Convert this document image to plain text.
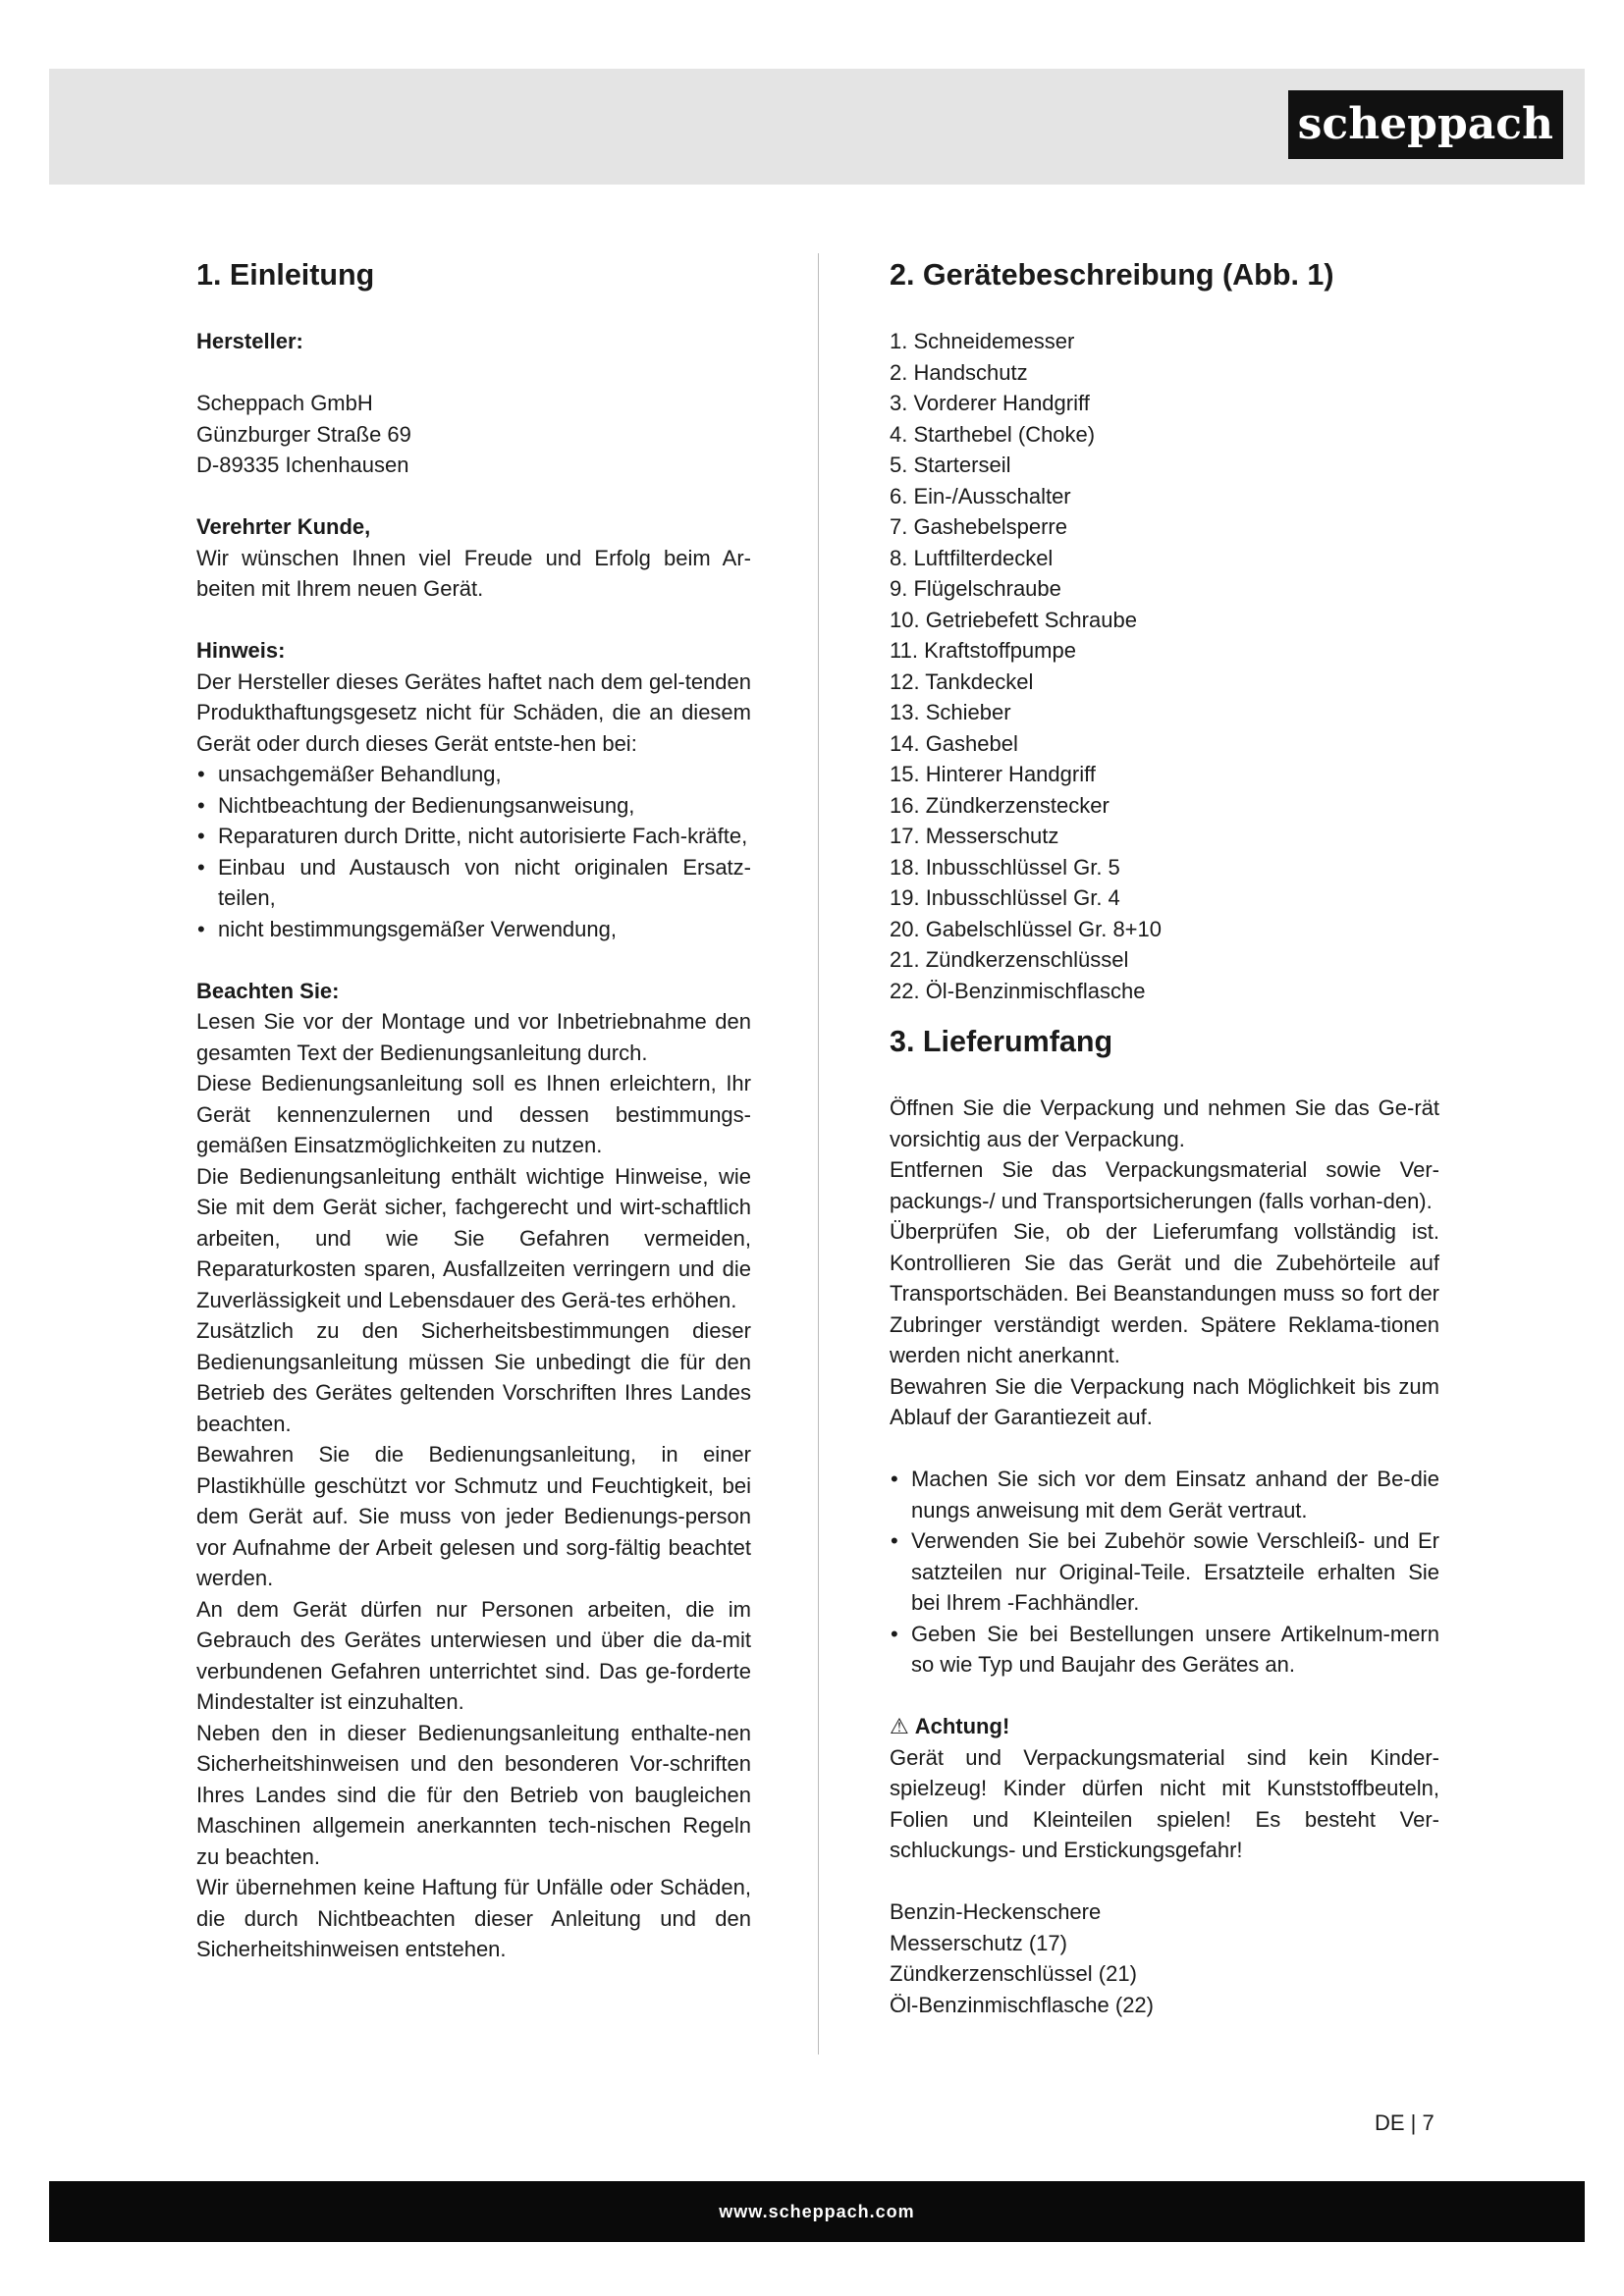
scheppach
1. Einleitung

Hersteller:

Scheppach GmbH

Günzburger Straße 69

D-89335 Ichenhausen

Verehrter Kunde,

Wir wünschen Ihnen viel Freude und Erfolg beim Ar-beiten mit Ihrem neuen Gerät.

Hinweis:

Der Hersteller dieses Gerätes haftet nach dem gel-tenden Produkthaftungsgesetz nicht für Schäden, die an diesem Gerät oder durch dieses Gerät entste-hen bei:

• unsachgemäßer Behandlung,
• Nichtbeachtung der Bedienungsanweisung,
• Reparaturen durch Dritte, nicht autorisierte Fach-kräfte,
• Einbau und Austausch von nicht originalen Ersatz-teilen,
• nicht bestimmungsgemäßer Verwendung,

Beachten Sie:

Lesen Sie vor der Montage und vor Inbetriebnahme den gesamten Text der Bedienungsanleitung durch.

Diese Bedienungsanleitung soll es Ihnen erleichtern, Ihr Gerät kennenzulernen und dessen bestimmungs-gemäßen Einsatzmöglichkeiten zu nutzen.

Die Bedienungsanleitung enthält wichtige Hinweise, wie Sie mit dem Gerät sicher, fachgerecht und wirt-schaftlich arbeiten, und wie Sie Gefahren vermeiden, Reparaturkosten sparen, Ausfallzeiten verringern und die Zuverlässigkeit und Lebensdauer des Gerä-tes erhöhen.

Zusätzlich zu den Sicherheitsbestimmungen dieser Bedienungsanleitung müssen Sie unbedingt die für den Betrieb des Gerätes geltenden Vorschriften Ihres Landes beachten.

Bewahren Sie die Bedienungsanleitung, in einer Plastikhülle geschützt vor Schmutz und Feuchtigkeit, bei dem Gerät auf. Sie muss von jeder Bedienungs-person vor Aufnahme der Arbeit gelesen und sorg-fältig beachtet werden.

An dem Gerät dürfen nur Personen arbeiten, die im Gebrauch des Gerätes unterwiesen und über die da-mit verbundenen Gefahren unterrichtet sind. Das ge-forderte Mindestalter ist einzuhalten.

Neben den in dieser Bedienungsanleitung enthalte-nen Sicherheitshinweisen und den besonderen Vor-schriften Ihres Landes sind die für den Betrieb von baugleichen Maschinen allgemein anerkannten tech-nischen Regeln zu beachten.

Wir übernehmen keine Haftung für Unfälle oder Schäden, die durch Nichtbeachten dieser Anleitung und den Sicherheitshinweisen entstehen.

2. Gerätebeschreibung (Abb. 1)
1. Schneidemesser
2. Handschutz
3. Vorderer Handgriff
4. Starthebel (Choke)
5. Starterseil
6. Ein-/Ausschalter
7. Gashebelsperre
8. Luftfilterdeckel
9. Flügelschraube
10. Getriebefett Schraube
11. Kraftstoffpumpe
12. Tankdeckel
13. Schieber
14. Gashebel
15. Hinterer Handgriff
16. Zündkerzenstecker
17. Messerschutz
18. Inbusschlüssel Gr. 5
19. Inbusschlüssel Gr. 4
20. Gabelschlüssel Gr. 8+10
21. Zündkerzenschlüssel
22. Öl-Benzinmischflasche
3. Lieferumfang

Öffnen Sie die Verpackung und nehmen Sie das Ge-rät vorsichtig aus der Verpackung.

Entfernen Sie das Verpackungsmaterial sowie Ver-packungs-/ und Transportsicherungen (falls vorhan-den).

Überprüfen Sie, ob der Lieferumfang vollständig ist. Kontrollieren Sie das Gerät und die Zubehörteile auf Transportschäden. Bei Beanstandungen muss so fort der Zubringer verständigt werden. Spätere Reklama-tionen werden nicht anerkannt.

Bewahren Sie die Verpackung nach Möglichkeit bis zum Ablauf der Garantiezeit auf.

• Machen Sie sich vor dem Einsatz anhand der Be-die nungs anweisung mit dem Gerät vertraut.
• Verwenden Sie bei Zubehör sowie Verschleiß- und Er satzteilen nur Original-Teile. Ersatzteile erhalten Sie bei Ihrem -Fachhändler.
• Geben Sie bei Bestellungen unsere Artikelnum-mern so wie Typ und Baujahr des Gerätes an.

⚠ Achtung!

Gerät und Verpackungsmaterial sind kein Kinder-spielzeug! Kinder dürfen nicht mit Kunststoffbeuteln, Folien und Kleinteilen spielen! Es besteht Ver-schluckungs- und Erstickungsgefahr!

Benzin-Heckenschere

Messerschutz (17)

Zündkerzenschlüssel (21)

Öl-Benzinmischflasche (22)

DE | 7
www.scheppach.com
